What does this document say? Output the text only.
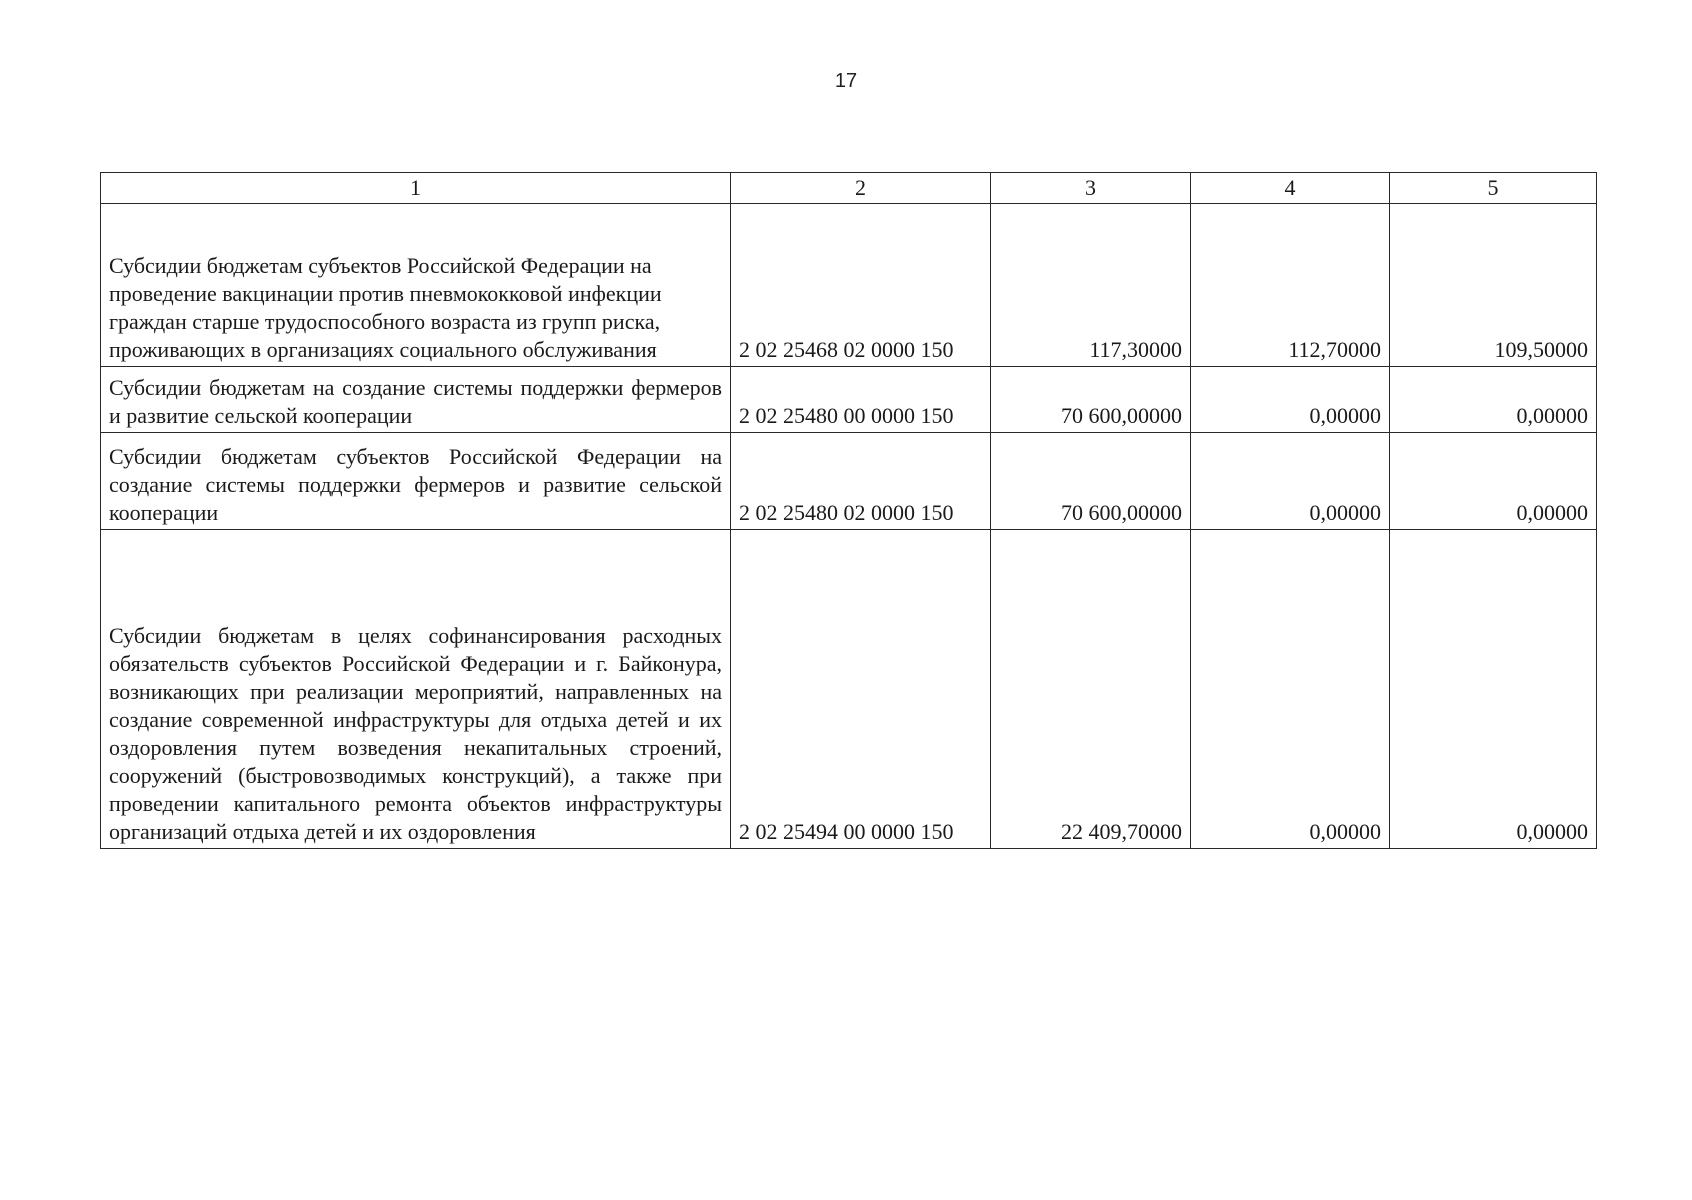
17
1	2	3	4	5
Субсидии бюджетам субъектов Российской Федерации на проведение вакцинации против пневмококковой инфекции граждан старше трудоспособного возраста из групп риска, проживающих в организациях социального обслуживания	2 02 25468 02 0000 150	117,30000	112,70000	109,50000
Субсидии бюджетам на создание системы поддержки фермеров и развитие сельской кооперации	2 02 25480 00 0000 150	70 600,00000	0,00000	0,00000
Субсидии бюджетам субъектов Российской Федерации на создание системы поддержки фермеров и развитие сельской кооперации	2 02 25480 02 0000 150	70 600,00000	0,00000	0,00000
Субсидии бюджетам в целях софинансирования расходных обязательств субъектов Российской Федерации и г. Байконура, возникающих при реализации мероприятий, направленных на создание современной инфраструктуры для отдыха детей и их оздоровления путем возведения некапитальных строений, сооружений (быстровозводимых конструкций), а также при проведении капитального ремонта объектов инфраструктуры организаций отдыха детей и их оздоровления	2 02 25494 00 0000 150	22 409,70000	0,00000	0,00000
